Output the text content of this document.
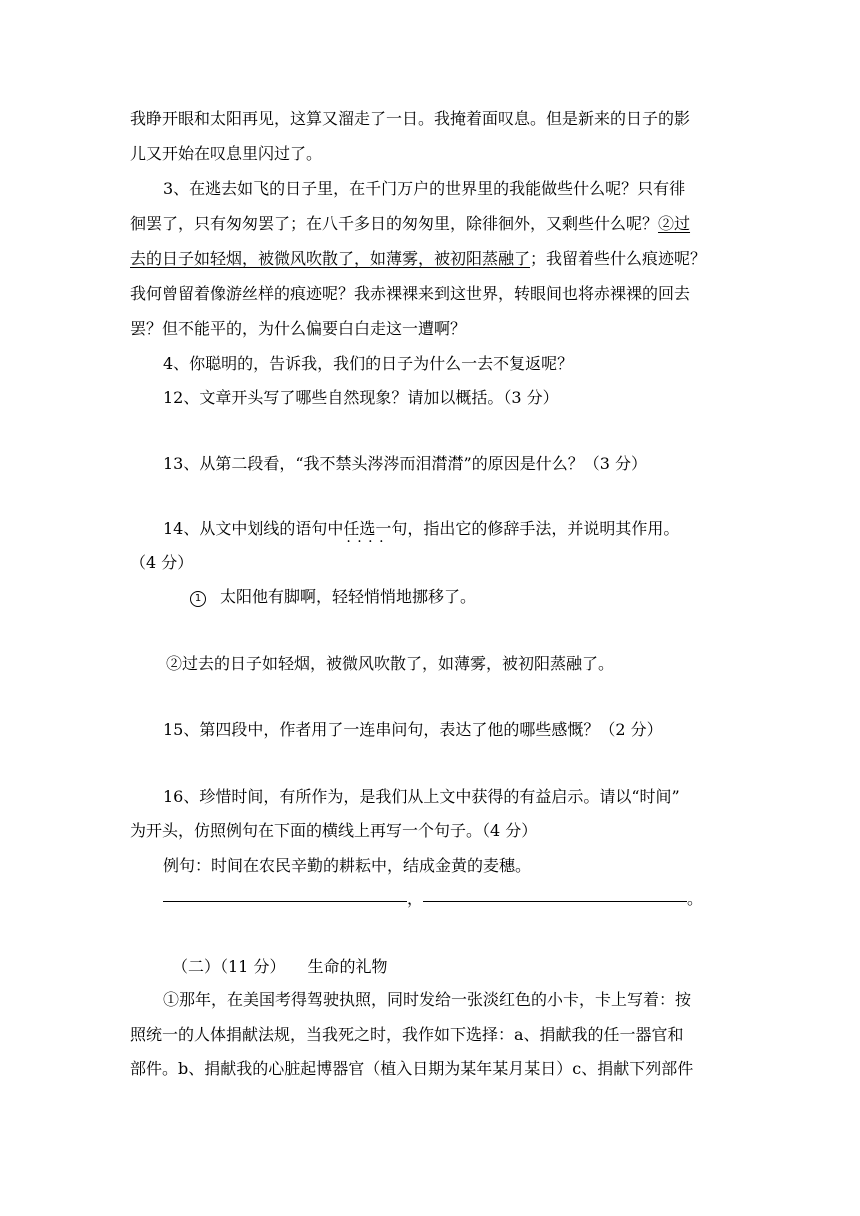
我睁开眼和太阳再见，这算又溜走了一日。我掩着面叹息。但是新来的日子的影
儿又开始在叹息里闪过了。
3、在逃去如飞的日子里，在千门万户的世界里的我能做些什么呢？只有徘
徊罢了，只有匆匆罢了；在八千多日的匆匆里，除徘徊外，又剩些什么呢？②过
去的日子如轻烟，被微风吹散了，如薄雾，被初阳蒸融了；我留着些什么痕迹呢？
我何曾留着像游丝样的痕迹呢？我赤裸裸来到这世界，转眼间也将赤裸裸的回去
罢？但不能平的，为什么偏要白白走这一遭啊？
4、你聪明的，告诉我，我们的日子为什么一去不复返呢？
12、文章开头写了哪些自然现象？请加以概括。（3 分）
13、从第二段看，“我不禁头涔涔而泪潸潸”的原因是什么？（3 分）
14、从文中划线的语句中任选一句 · · · ·，指出它的修辞手法，并说明其作用。
（4 分）
1 太阳他有脚啊，轻轻悄悄地挪移了。
②过去的日子如轻烟，被微风吹散了，如薄雾，被初阳蒸融了。
15、第四段中，作者用了一连串问句，表达了他的哪些感慨？（2 分）
16、珍惜时间，有所作为，是我们从上文中获得的有益启示。请以“时间”
为开头，仿照例句在下面的横线上再写一个句子。（4 分）
例句：时间在农民辛勤的耕耘中，结成金黄的麦穗。
，	。
（二）（11 分） 生命的礼物
①那年，在美国考得驾驶执照，同时发给一张淡红色的小卡，卡上写着：按
照统一的人体捐献法规，当我死之时，我作如下选择：a、捐献我的任一器官和
部件。b、捐献我的心脏起博器官（植入日期为某年某月某日）c、捐献下列部件
